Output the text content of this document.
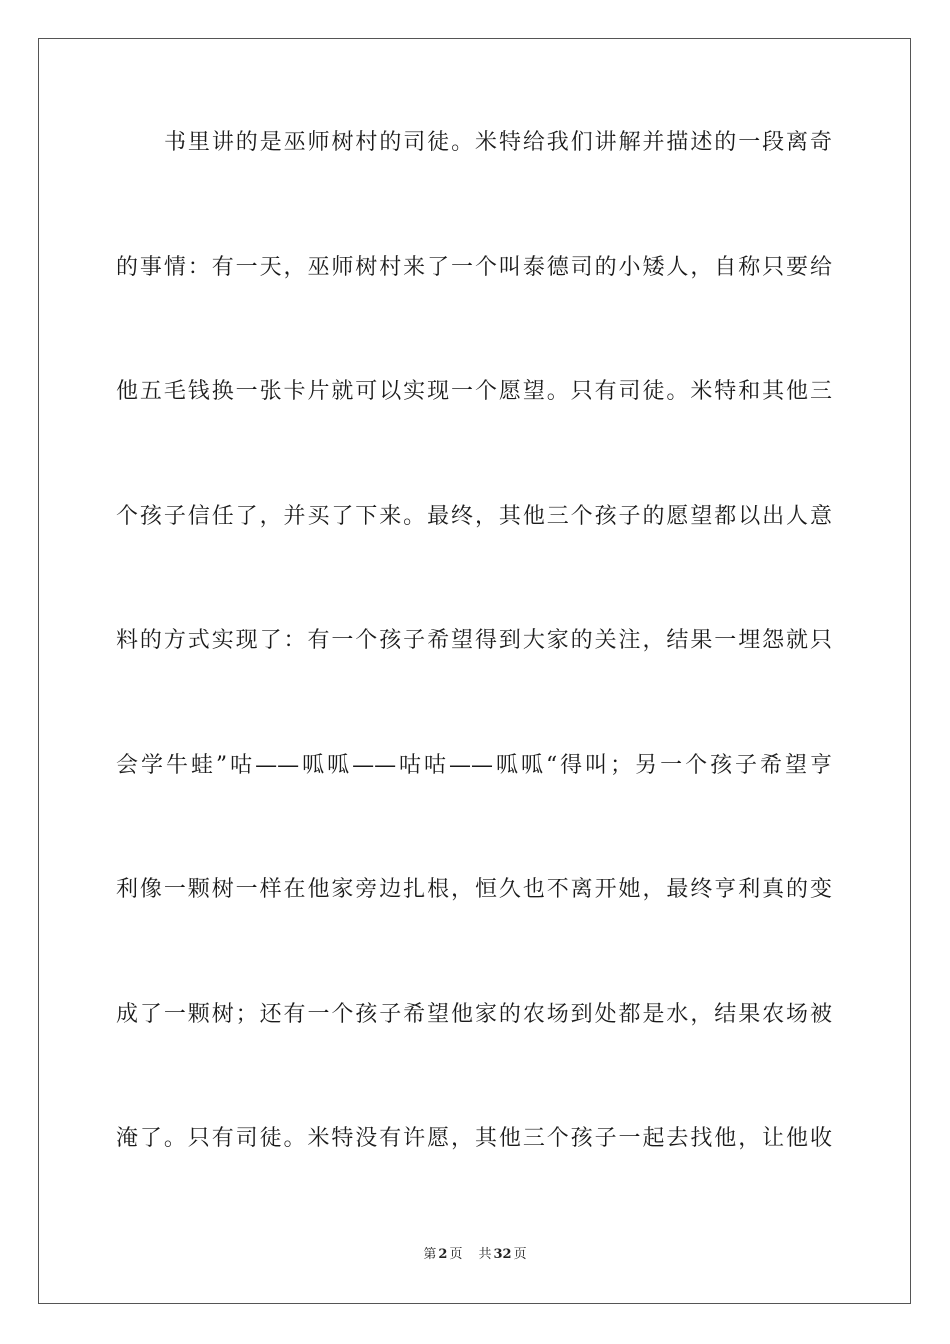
书里讲的是巫师树村的司徒。米特给我们讲解并描述的一段离奇
的事情：有一天，巫师树村来了一个叫泰德司的小矮人，自称只要给
他五毛钱换一张卡片就可以实现一个愿望。只有司徒。米特和其他三
个孩子信任了，并买了下来。最终，其他三个孩子的愿望都以出人意
料的方式实现了：有一个孩子希望得到大家的关注，结果一埋怨就只
会学牛蛙”咕——呱呱——咕咕——呱呱“得叫；另一个孩子希望亨
利像一颗树一样在他家旁边扎根，恒久也不离开她，最终亨利真的变
成了一颗树；还有一个孩子希望他家的农场到处都是水，结果农场被
淹了。只有司徒。米特没有许愿，其他三个孩子一起去找他，让他收
第 2 页 共 32 页
